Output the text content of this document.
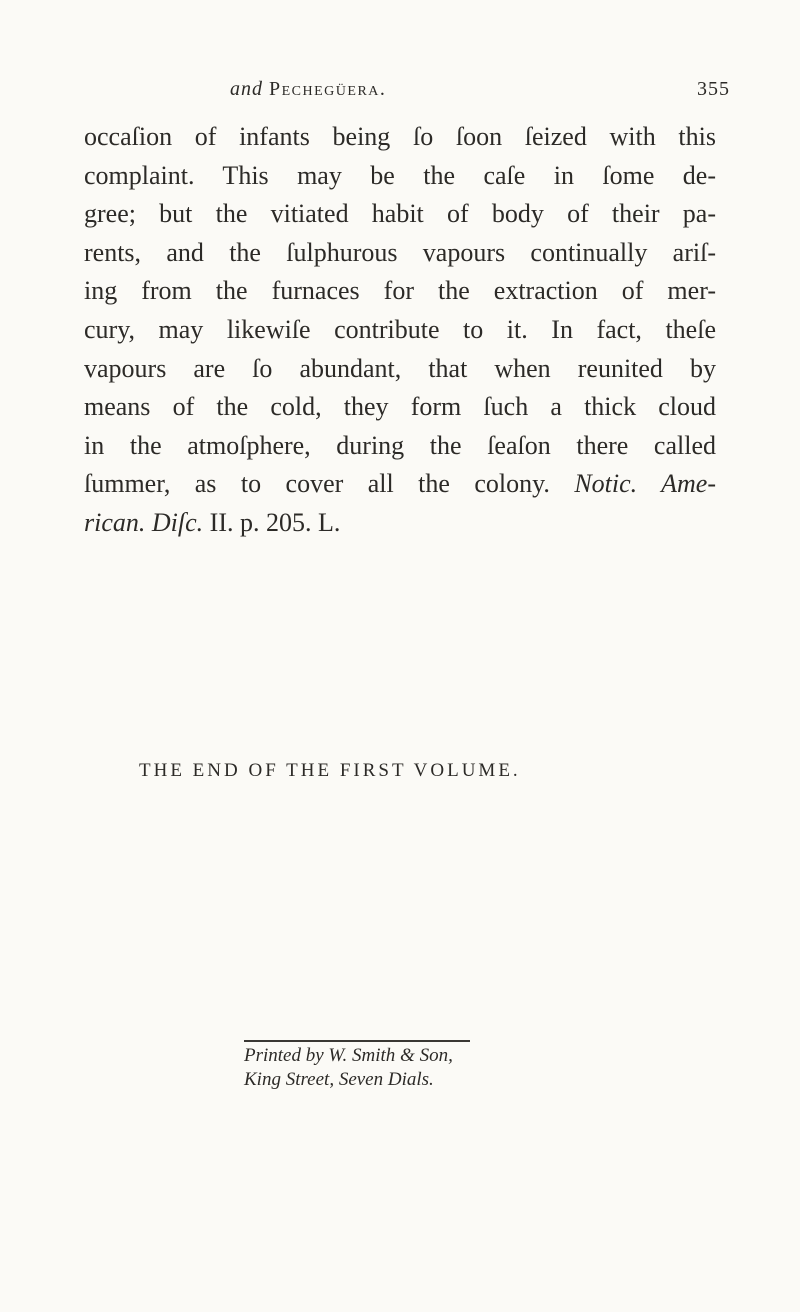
and Pechegüera.	355
occaſion of infants being ſo ſoon ſeized with this
complaint. This may be the caſe in ſome de-
gree; but the vitiated habit of body of their pa-
rents, and the ſulphurous vapours continually ariſ-
ing from the furnaces for the extraction of mer-
cury, may likewiſe contribute to it. In fact, theſe
vapours are ſo abundant, that when reunited by
means of the cold, they form ſuch a thick cloud
in the atmoſphere, during the ſeaſon there called
ſummer, as to cover all the colony. Notic. Ame-
rican. Diſc. II. p. 205. L.
THE END OF THE FIRST VOLUME.
Printed by W. Smith & Son,
King Street, Seven Dials.
